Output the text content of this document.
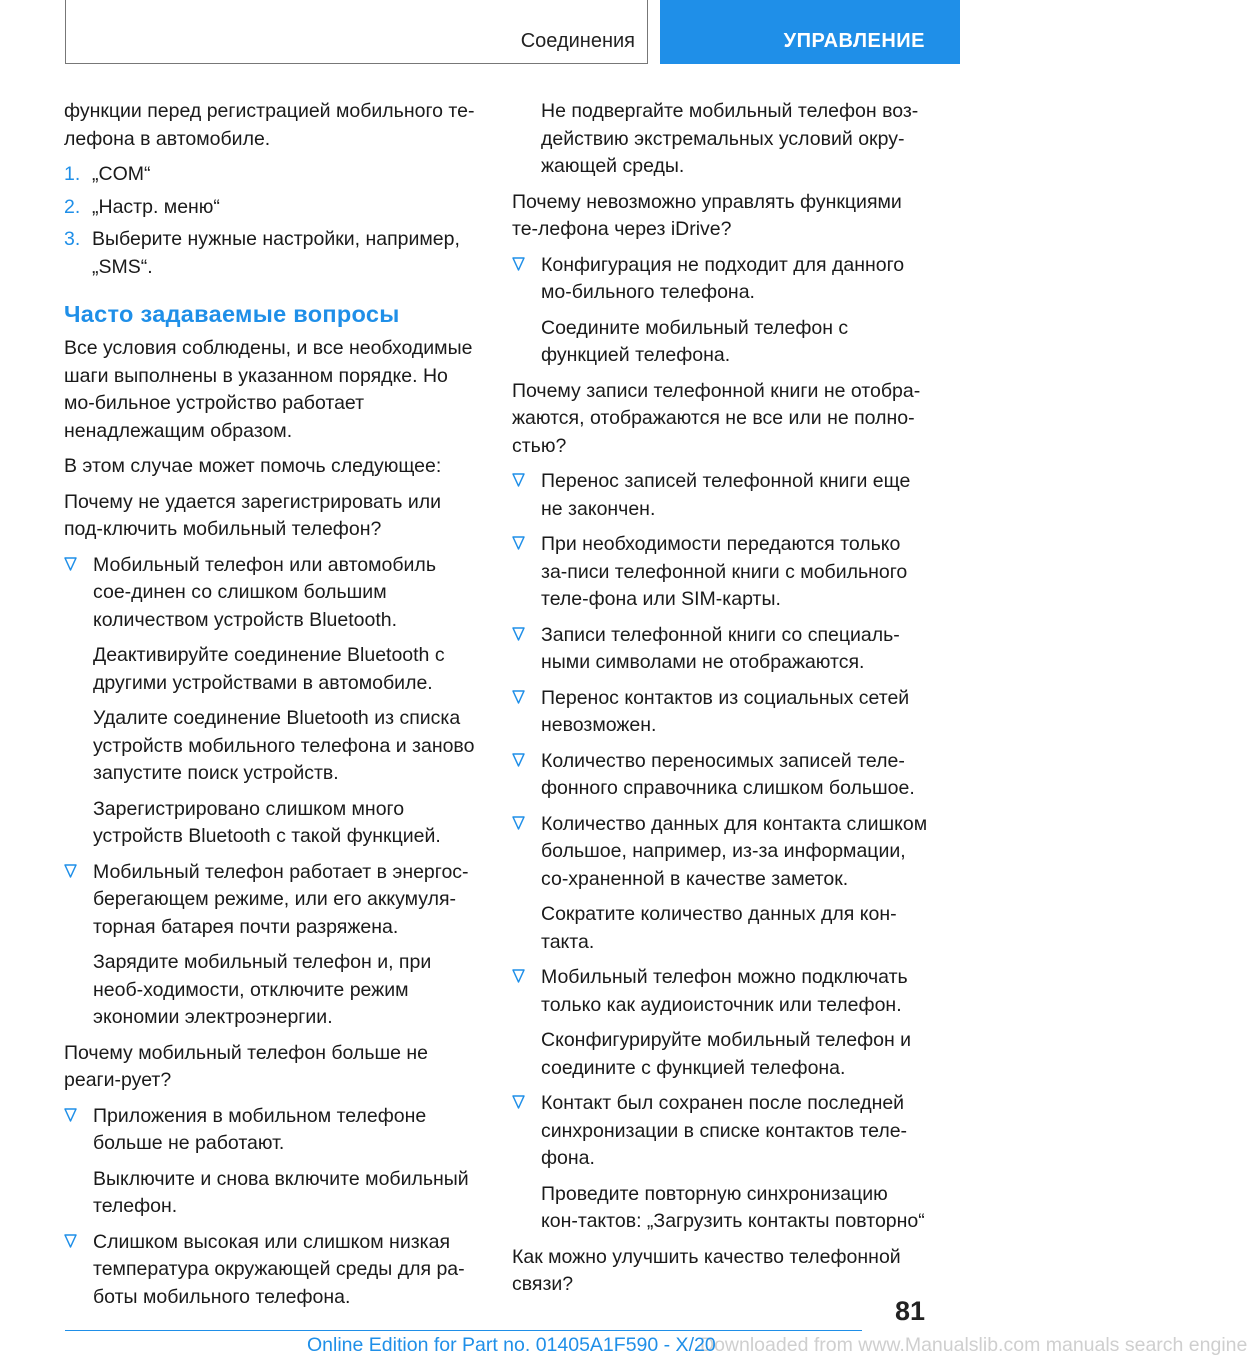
Соединения	УПРАВЛЕНИЕ

функции перед регистрацией мобильного те-лефона в автомобиле.

1. „COM“
2. „Настр. меню“
3. Выберите нужные настройки, например, „SMS“.
Часто задаваемые вопросы

Все условия соблюдены, и все необходимые шаги выполнены в указанном порядке. Но мо-бильное устройство работает ненадлежащим образом.

В этом случае может помочь следующее:

Почему не удается зарегистрировать или под-ключить мобильный телефон?

Мобильный телефон или автомобиль сое-динен со слишком большим количеством устройств Bluetooth.

Деактивируйте соединение Bluetooth с другими устройствами в автомобиле.

Удалите соединение Bluetooth из списка устройств мобильного телефона и заново запустите поиск устройств.

Зарегистрировано слишком много устройств Bluetooth с такой функцией.

Мобильный телефон работает в энергос-берегающем режиме, или его аккумуля-торная батарея почти разряжена.

Зарядите мобильный телефон и, при необ-ходимости, отключите режим экономии электроэнергии.

Почему мобильный телефон больше не реаги-рует?

Приложения в мобильном телефоне больше не работают.

Выключите и снова включите мобильный телефон.

Слишком высокая или слишком низкая температура окружающей среды для ра-боты мобильного телефона.

Не подвергайте мобильный телефон воз-действию экстремальных условий окру-жающей среды.

Почему невозможно управлять функциями те-лефона через iDrive?

Конфигурация не подходит для данного мо-бильного телефона.

Соедините мобильный телефон с функцией телефона.

Почему записи телефонной книги не отобра-жаются, отображаются не все или не полно-стью?

Перенос записей телефонной книги еще не закончен.

При необходимости передаются только за-писи телефонной книги с мобильного теле-фона или SIM-карты.

Записи телефонной книги со специаль-ными символами не отображаются.

Перенос контактов из социальных сетей невозможен.

Количество переносимых записей теле-фонного справочника слишком большое.

Количество данных для контакта слишком большое, например, из-за информации, со-храненной в качестве заметок.

Сократите количество данных для кон-такта.

Мобильный телефон можно подключать только как аудиоисточник или телефон.

Сконфигурируйте мобильный телефон и соедините с функцией телефона.

Контакт был сохранен после последней синхронизации в списке контактов теле-фона.

Проведите повторную синхронизацию кон-тактов: „Загрузить контакты повторно“

Как можно улучшить качество телефонной связи?

81
Downloaded from www.Manualslib.com manuals search engine
Online Edition for Part no. 01405A1F590 - X/20
